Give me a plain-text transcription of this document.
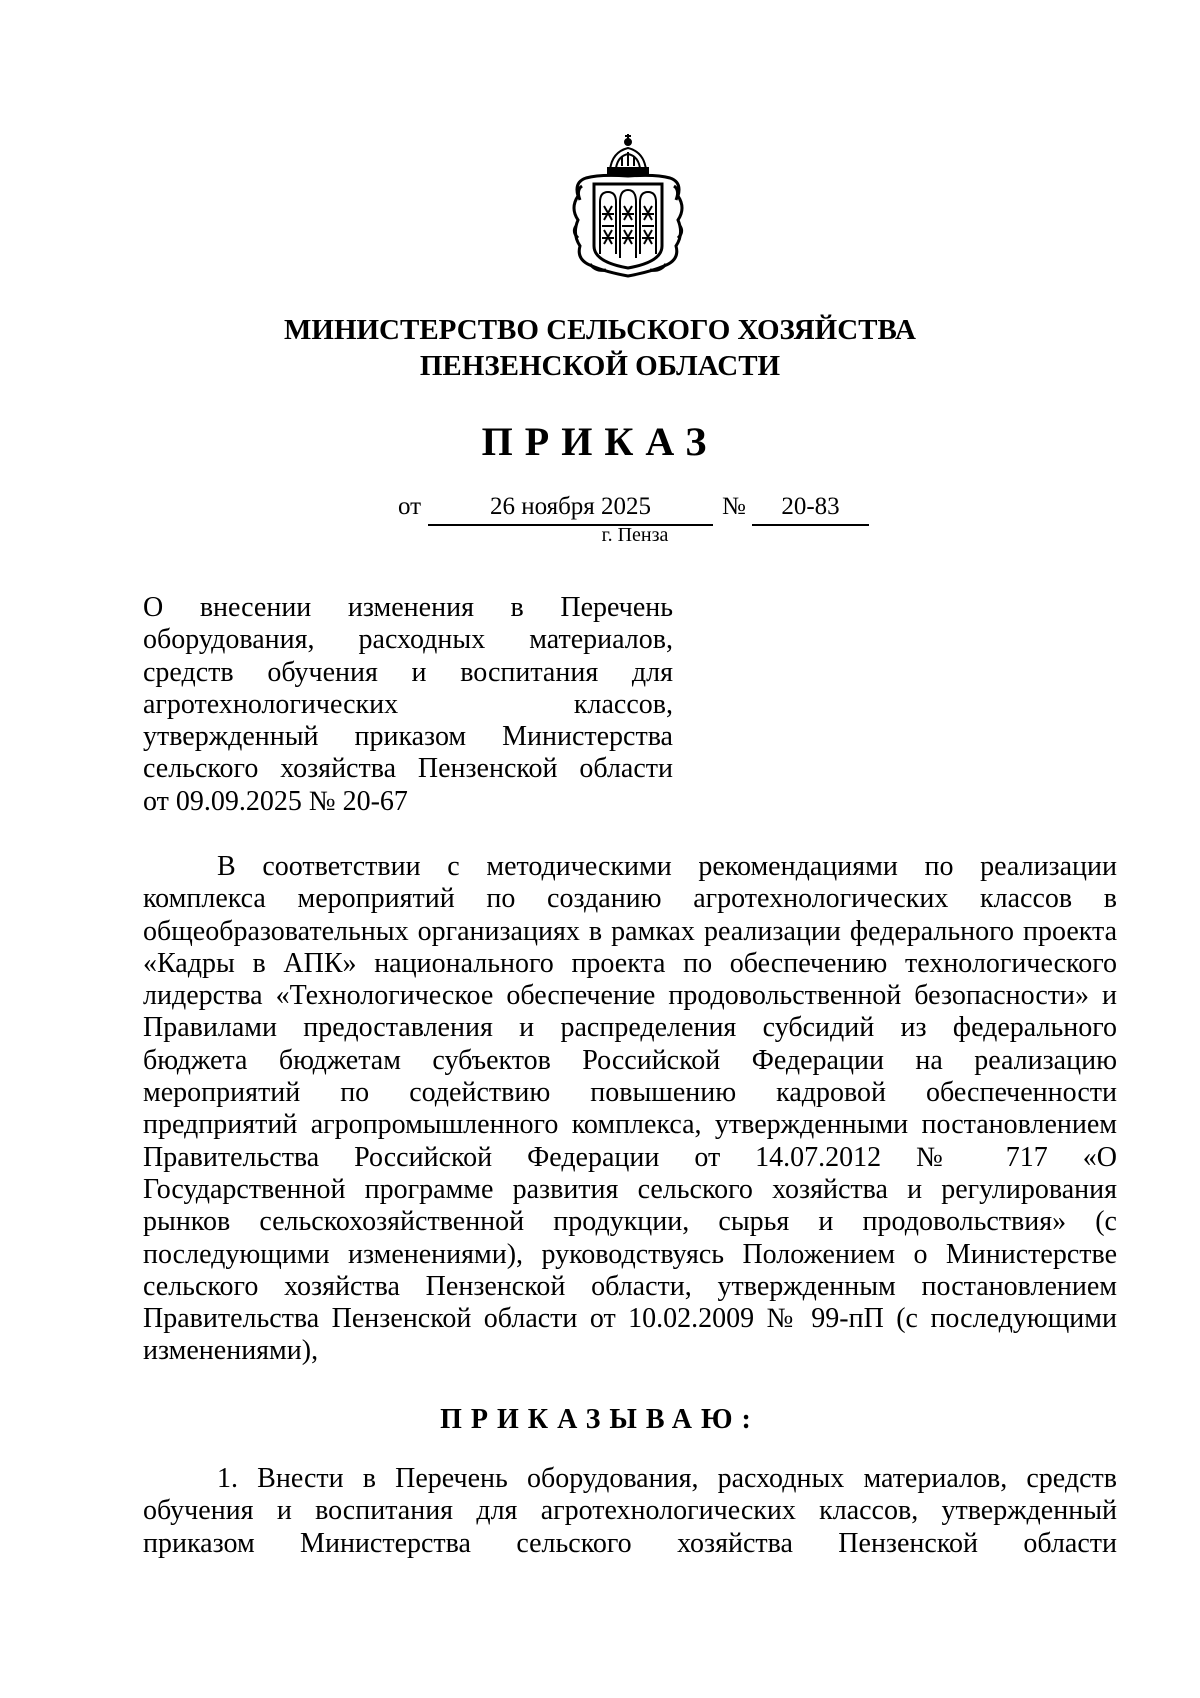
МИНИСТЕРСТВО СЕЛЬСКОГО ХОЗЯЙСТВА
ПЕНЗЕНСКОЙ ОБЛАСТИ
ПРИКАЗ
от	26 ноября 2025	№	20-83
г. Пенза
О внесении изменения в Перечень
оборудования, расходных материалов,
средств обучения и воспитания для
агротехнологических классов,
утвержденный приказом Министерства
сельского хозяйства Пензенской области
от 09.09.2025 № 20-67
В соответствии с методическими рекомендациями по реализации
комплекса мероприятий по созданию агротехнологических классов в
общеобразовательных организациях в рамках реализации федерального проекта
«Кадры в АПК» национального проекта по обеспечению технологического
лидерства «Технологическое обеспечение продовольственной безопасности» и
Правилами предоставления и распределения субсидий из федерального
бюджета бюджетам субъектов Российской Федерации на реализацию
мероприятий по содействию повышению кадровой обеспеченности
предприятий агропромышленного комплекса, утвержденными постановлением
Правительства Российской Федерации от 14.07.2012 № 717 «О
Государственной программе развития сельского хозяйства и регулирования
рынков сельскохозяйственной продукции, сырья и продовольствия» (с
последующими изменениями), руководствуясь Положением о Министерстве
сельского хозяйства Пензенской области, утвержденным постановлением
Правительства Пензенской области от 10.02.2009 № 99-пП (с последующими
изменениями),
ПРИКАЗЫВАЮ:
1. Внести в Перечень оборудования, расходных материалов, средств
обучения и воспитания для агротехнологических классов, утвержденный
приказом Министерства сельского хозяйства Пензенской области
